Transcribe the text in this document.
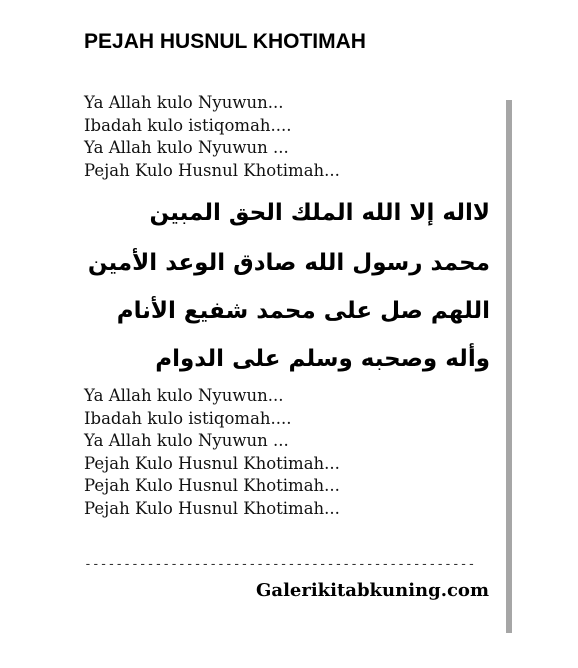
PEJAH HUSNUL KHOTIMAH
Ya Allah kulo Nyuwun...
Ibadah kulo istiqomah....
Ya Allah kulo Nyuwun ...
Pejah Kulo Husnul Khotimah...
لااله إلا الله الملك الحق المبين
محمد رسول الله صادق الوعد الأمين
اللهم صل على محمد شفيع الأنام
وأله وصحبه وسلم على الدوام
Ya Allah kulo Nyuwun...
Ibadah kulo istiqomah....
Ya Allah kulo Nyuwun ...
Pejah Kulo Husnul Khotimah...
Pejah Kulo Husnul Khotimah...
Pejah Kulo Husnul Khotimah...
--------------------------------------------------
Galerikitabkuning.com
